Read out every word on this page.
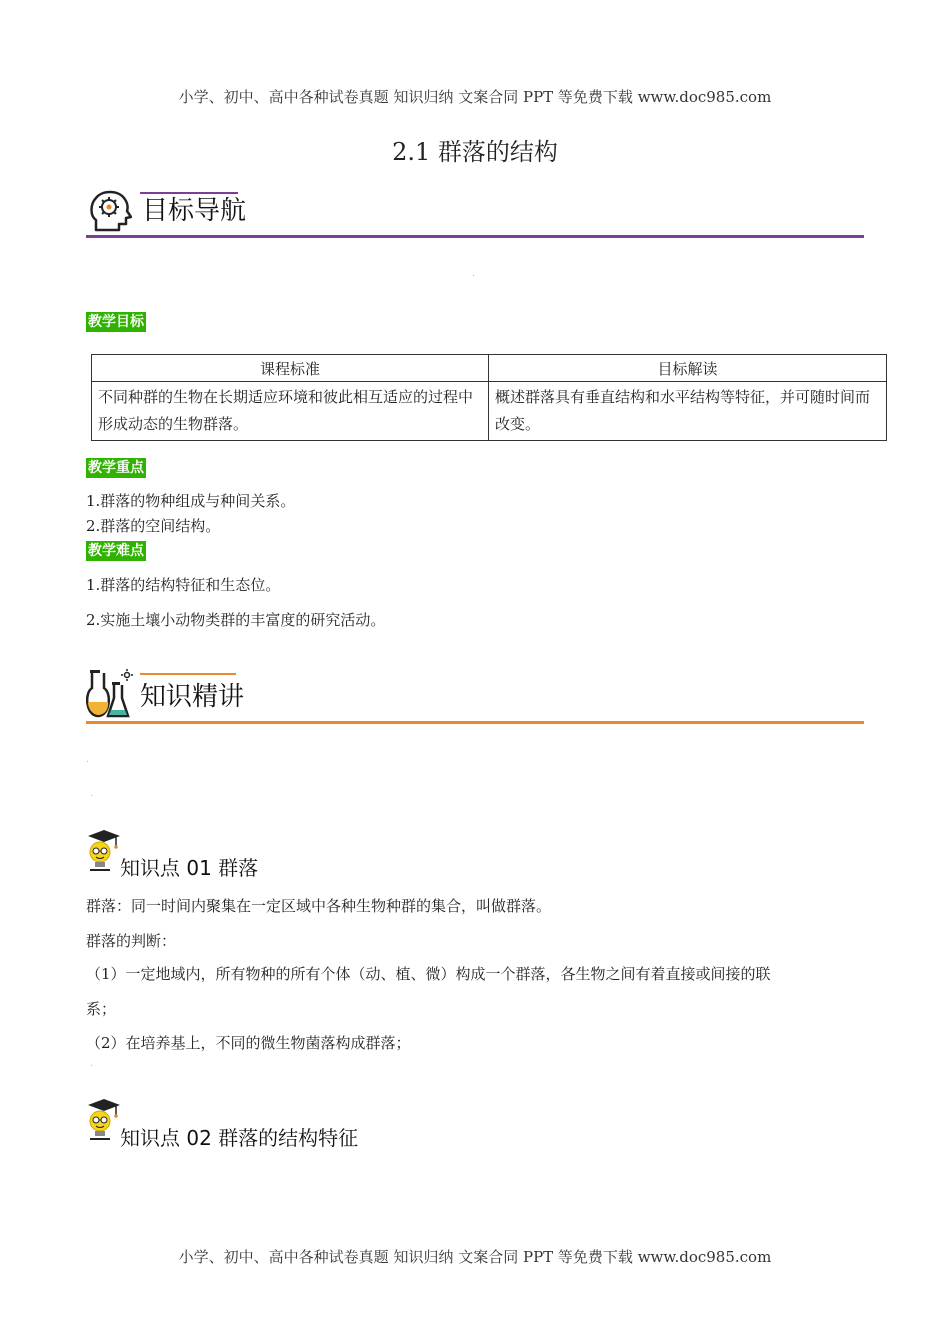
小学、初中、高中各种试卷真题 知识归纳 文案合同 PPT 等免费下载 www.doc985.com
2.1 群落的结构
目标导航
.
教学目标
课程标准	目标解读
不同种群的生物在长期适应环境和彼此相互适应的过程中形成动态的生物群落。	概述群落具有垂直结构和水平结构等特征，并可随时间而改变。
教学重点
1.群落的物种组成与种间关系。
2.群落的空间结构。
教学难点
1.群落的结构特征和生态位。
2.实施土壤小动物类群的丰富度的研究活动。
知识精讲
.
.
知识点 01 群落
群落：同一时间内聚集在一定区域中各种生物种群的集合，叫做群落。
群落的判断：
（1）一定地域内，所有物种的所有个体（动、植、微）构成一个群落，各生物之间有着直接或间接的联
系；
（2）在培养基上，不同的微生物菌落构成群落；
.
知识点 02 群落的结构特征
小学、初中、高中各种试卷真题 知识归纳 文案合同 PPT 等免费下载 www.doc985.com
